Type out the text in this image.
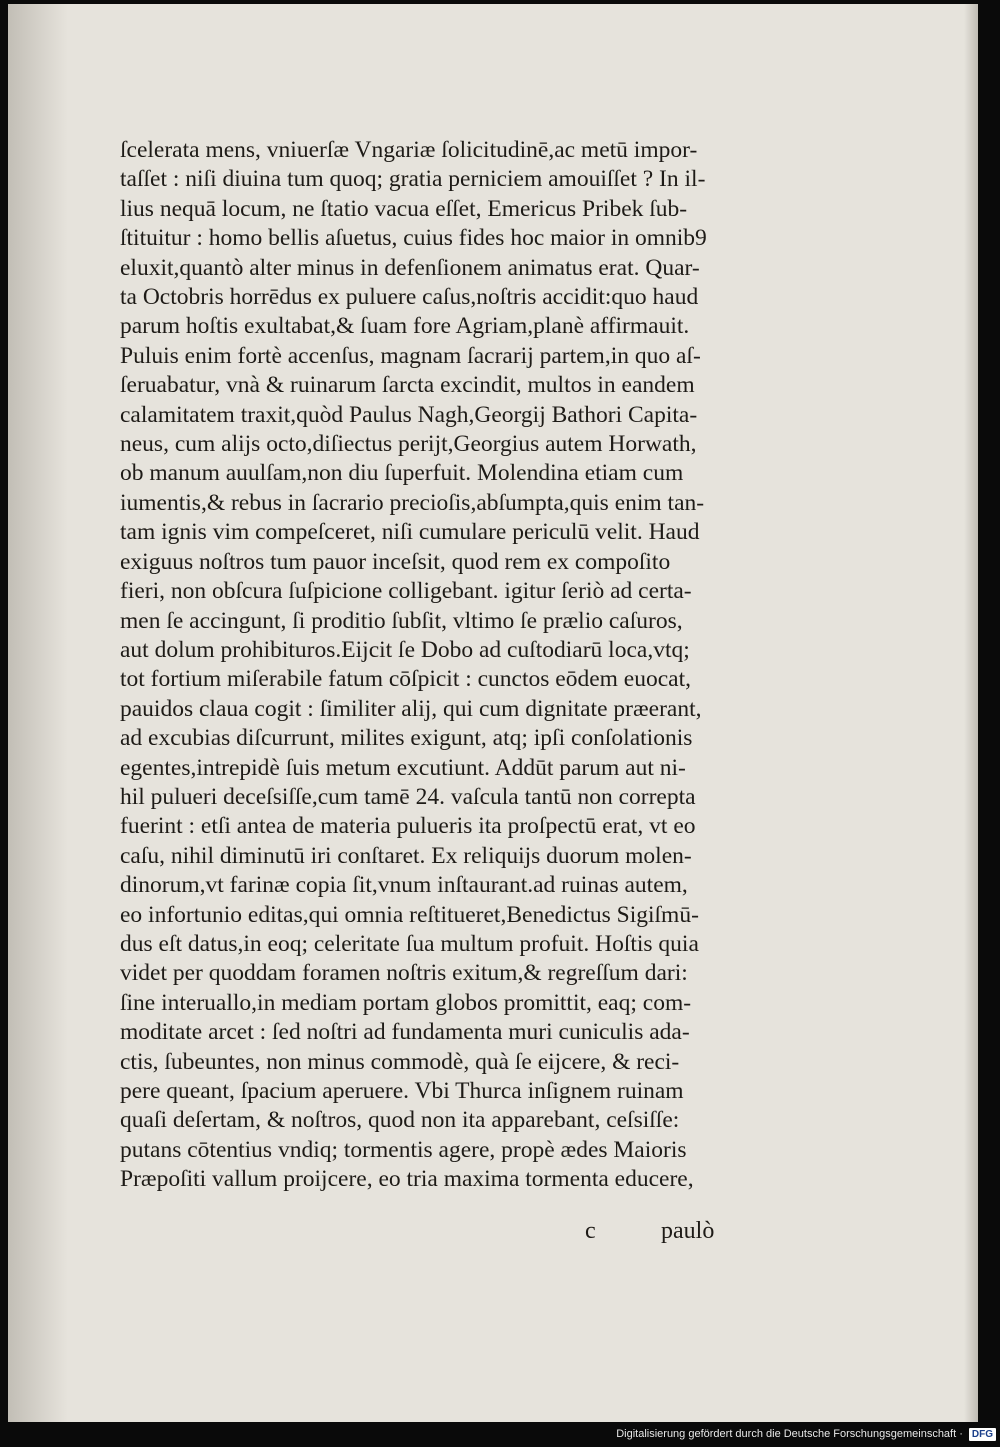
ſcelerata mens, vniuerſæ Vngariæ ſolicitudinē,ac metū impor-
taſſet : niſi diuina tum quoq; gratia perniciem amouiſſet ? In il-
lius nequā locum, ne ſtatio vacua eſſet, Emericus Pribek ſub-
ſtituitur : homo bellis aſuetus, cuius fides hoc maior in omnib9
eluxit,quantò alter minus in defenſionem animatus erat. Quar-
ta Octobris horrēdus ex puluere caſus,noſtris accidit:quo haud
parum hoſtis exultabat,& ſuam fore Agriam,planè affirmauit.
Puluis enim fortè accenſus, magnam ſacrarij partem,in quo aſ-
ſeruabatur, vnà & ruinarum ſarcta excindit, multos in eandem
calamitatem traxit,quòd Paulus Nagh,Georgij Bathori Capita-
neus, cum alijs octo,diſiectus perijt,Georgius autem Horwath,
ob manum auulſam,non diu ſuperfuit. Molendina etiam cum
iumentis,& rebus in ſacrario precioſis,abſumpta,quis enim tan-
tam ignis vim compeſceret, niſi cumulare periculū velit. Haud
exiguus noſtros tum pauor inceſsit, quod rem ex compoſito
fieri, non obſcura ſuſpicione colligebant. igitur ſeriò ad certa-
men ſe accingunt, ſi proditio ſubſit, vltimo ſe prælio caſuros,
aut dolum prohibituros.Eijcit ſe Dobo ad cuſtodiarū loca,vtq;
tot fortium miſerabile fatum cōſpicit : cunctos eōdem euocat,
pauidos claua cogit : ſimiliter alij, qui cum dignitate præerant,
ad excubias diſcurrunt, milites exigunt, atq; ipſi conſolationis
egentes,intrepidè ſuis metum excutiunt. Addūt parum aut ni-
hil pulueri deceſsiſſe,cum tamē 24. vaſcula tantū non correpta
fuerint : etſi antea de materia pulueris ita proſpectū erat, vt eo
caſu, nihil diminutū iri conſtaret. Ex reliquijs duorum molen-
dinorum,vt farinæ copia ſit,vnum inſtaurant.ad ruinas autem,
eo infortunio editas,qui omnia reſtitueret,Benedictus Sigiſmū-
dus eſt datus,in eoq; celeritate ſua multum profuit. Hoſtis quia
videt per quoddam foramen noſtris exitum,& regreſſum dari:
ſine interuallo,in mediam portam globos promittit, eaq; com-
moditate arcet : ſed noſtri ad fundamenta muri cuniculis ada-
ctis, ſubeuntes, non minus commodè, quà ſe eijcere, & reci-
pere queant, ſpacium aperuere. Vbi Thurca inſignem ruinam
quaſi deſertam, & noſtros, quod non ita apparebant, ceſsiſſe:
putans cōtentius vndiq; tormentis agere, propè ædes Maioris
Præpoſiti vallum proijcere, eo tria maxima tormenta educere,
c	paulò
Digitalisierung gefördert durch die Deutsche Forschungsgemeinschaft · DFG
